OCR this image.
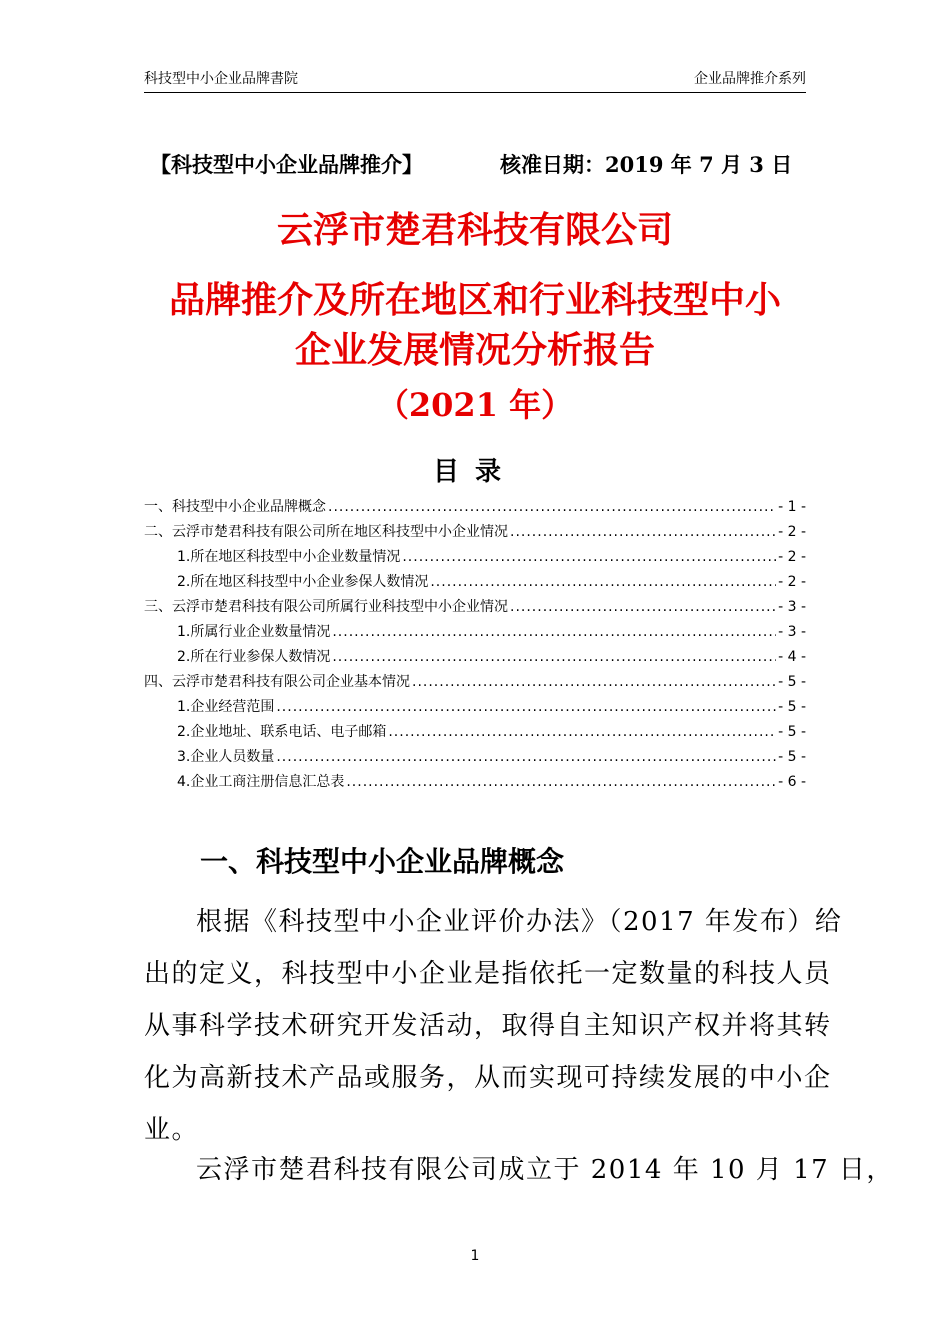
科技型中小企业品牌書院	企业品牌推介系列
【科技型中小企业品牌推介】	核准日期：2019 年 7 月 3 日
云浮市楚君科技有限公司
品牌推介及所在地区和行业科技型中小
企业发展情况分析报告
（2021 年）
目录
一、科技型中小企业品牌概念 .....	- 1 -
二、云浮市楚君科技有限公司所在地区科技型中小企业情况 .....	- 2 -
1.所在地区科技型中小企业数量情况 .....	- 2 -
2.所在地区科技型中小企业参保人数情况 .....	- 2 -
三、云浮市楚君科技有限公司所属行业科技型中小企业情况 .....	- 3 -
1.所属行业企业数量情况 .....	- 3 -
2.所在行业参保人数情况 .....	- 4 -
四、云浮市楚君科技有限公司企业基本情况 .....	- 5 -
1.企业经营范围 .....	- 5 -
2.企业地址、联系电话、电子邮箱 .....	- 5 -
3.企业人员数量 .....	- 5 -
4.企业工商注册信息汇总表 .....	- 6 -
一、科技型中小企业品牌概念
根据《科技型中小企业评价办法》（2017 年发布）给
出的定义，科技型中小企业是指依托一定数量的科技人员
从事科学技术研究开发活动，取得自主知识产权并将其转
化为高新技术产品或服务，从而实现可持续发展的中小企
业。
云浮市楚君科技有限公司成立于 2014 年 10 月 17 日，
1
